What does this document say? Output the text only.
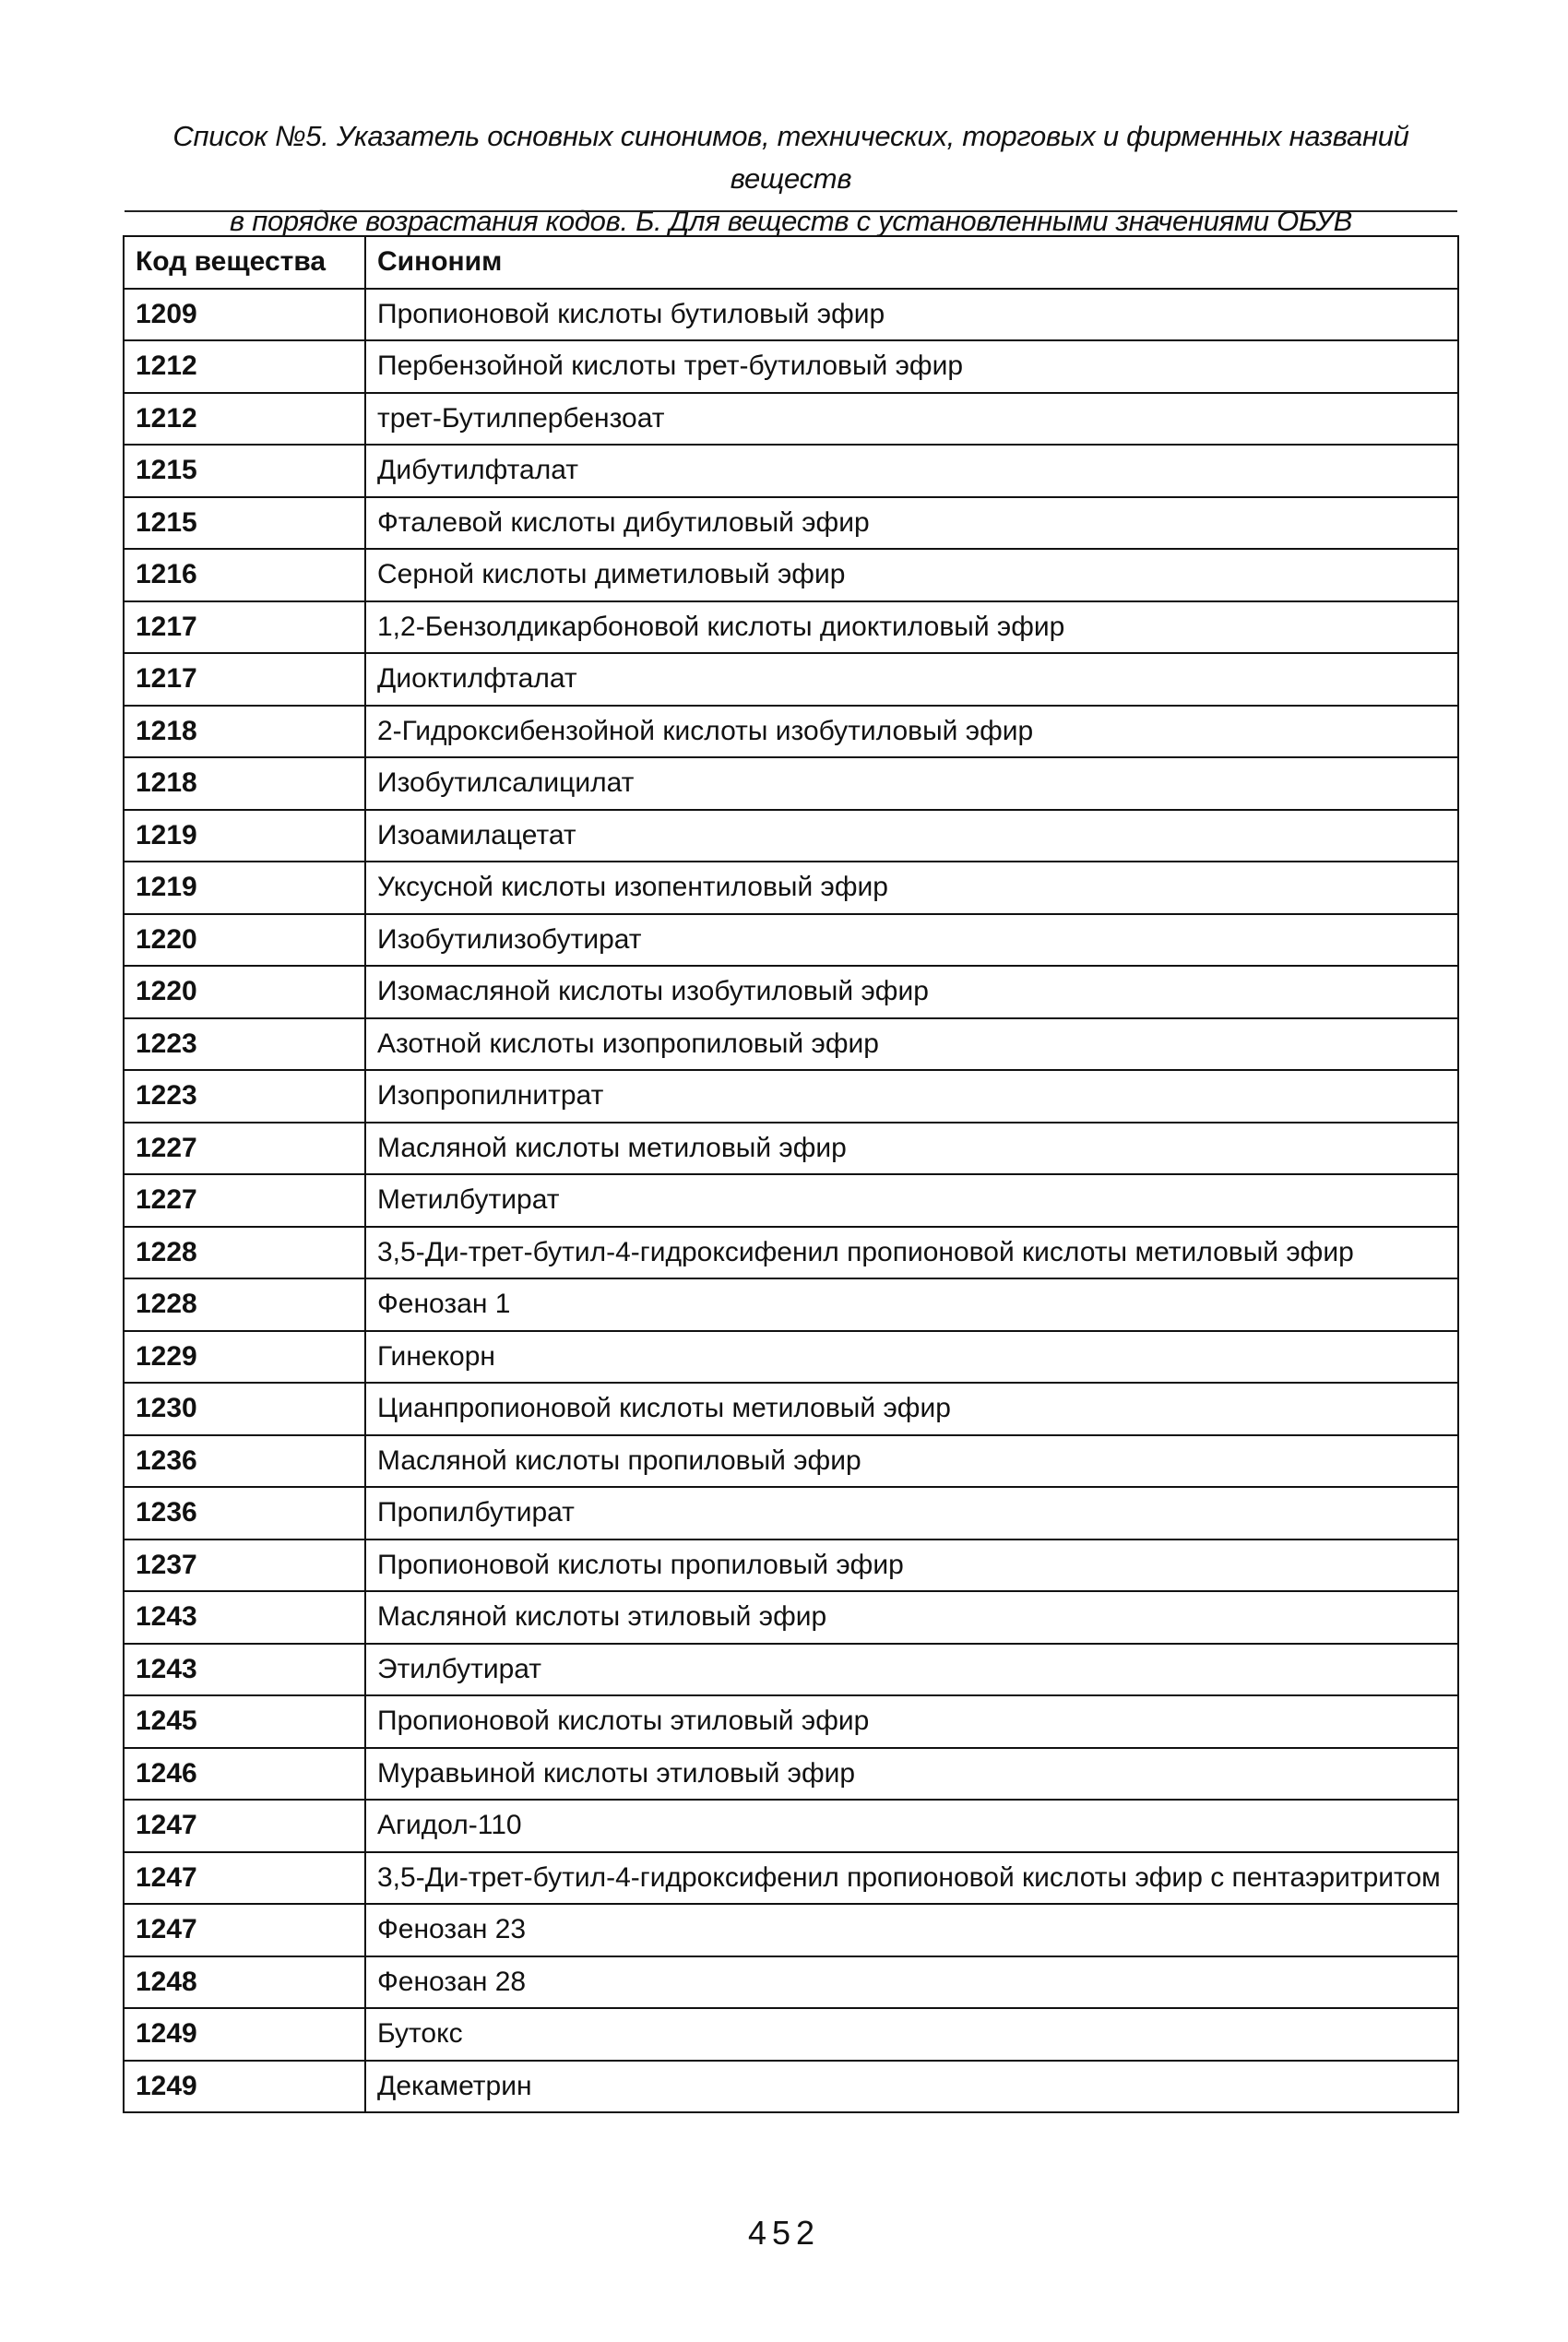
Список №5. Указатель основных синонимов, технических, торговых и фирменных названий веществ
в порядке возрастания кодов. Б. Для веществ с установленными значениями ОБУВ
Код вещества	Синоним
1209	Пропионовой кислоты бутиловый эфир
1212	Пербензойной кислоты трет-бутиловый эфир
1212	трет-Бутилпербензоат
1215	Дибутилфталат
1215	Фталевой кислоты дибутиловый эфир
1216	Серной кислоты диметиловый эфир
1217	1,2-Бензолдикарбоновой кислоты диоктиловый эфир
1217	Диоктилфталат
1218	2-Гидроксибензойной кислоты изобутиловый эфир
1218	Изобутилсалицилат
1219	Изоамилацетат
1219	Уксусной кислоты изопентиловый эфир
1220	Изобутилизобутират
1220	Изомасляной кислоты изобутиловый эфир
1223	Азотной кислоты изопропиловый эфир
1223	Изопропилнитрат
1227	Масляной кислоты метиловый эфир
1227	Метилбутират
1228	3,5-Ди-трет-бутил-4-гидроксифенил пропионовой кислоты метиловый эфир
1228	Фенозан 1
1229	Гинекорн
1230	Цианпропионовой кислоты метиловый эфир
1236	Масляной кислоты пропиловый эфир
1236	Пропилбутират
1237	Пропионовой кислоты пропиловый эфир
1243	Масляной кислоты этиловый эфир
1243	Этилбутират
1245	Пропионовой кислоты этиловый эфир
1246	Муравьиной кислоты этиловый эфир
1247	Агидол-110
1247	3,5-Ди-трет-бутил-4-гидроксифенил пропионовой кислоты эфир с пентаэритритом
1247	Фенозан 23
1248	Фенозан 28
1249	Бутокс
1249	Декаметрин
452
